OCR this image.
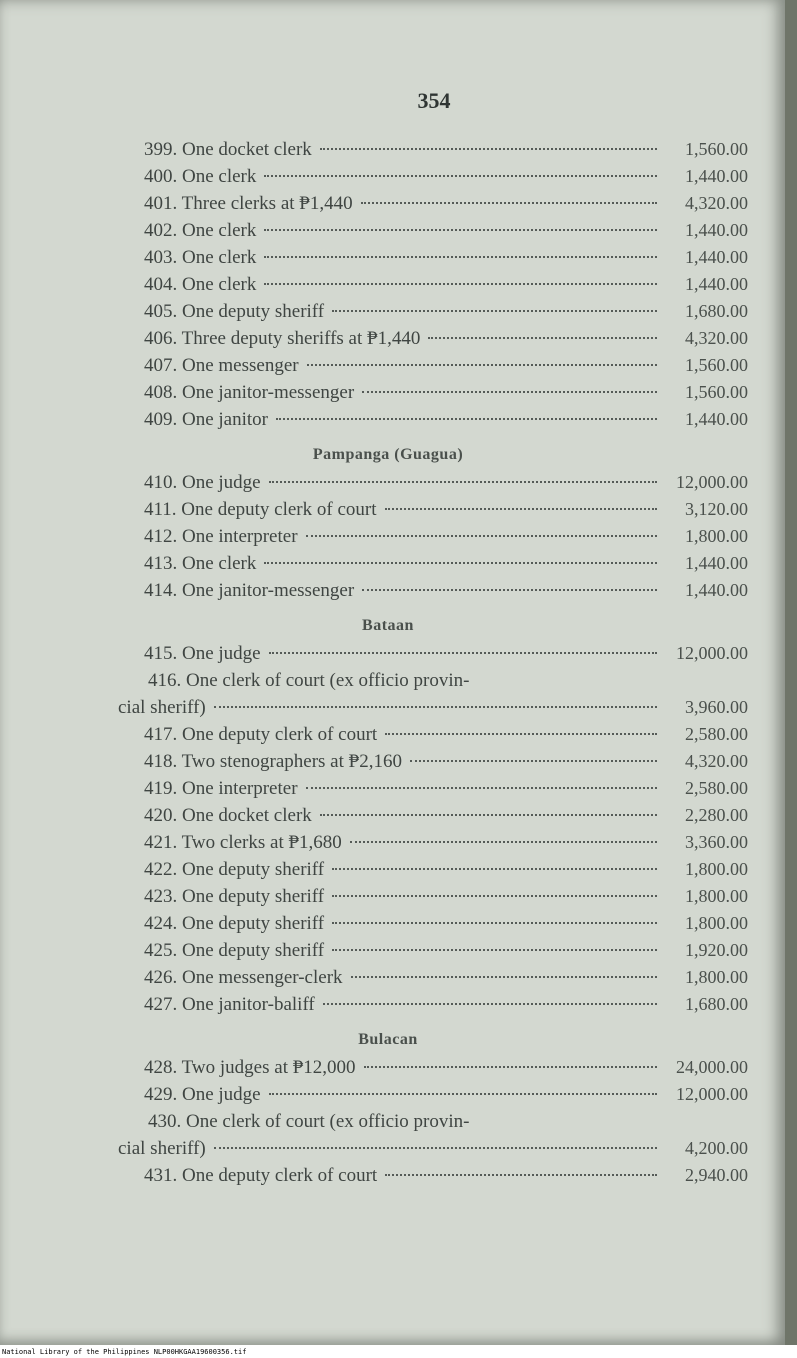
354
399. One docket clerk	1,560.00
400. One clerk	1,440.00
401. Three clerks at ₱1,440	4,320.00
402. One clerk	1,440.00
403. One clerk	1,440.00
404. One clerk	1,440.00
405. One deputy sheriff	1,680.00
406. Three deputy sheriffs at ₱1,440	4,320.00
407. One messenger	1,560.00
408. One janitor-messenger	1,560.00
409. One janitor	1,440.00
Pampanga (Guagua)
410. One judge	12,000.00
411. One deputy clerk of court	3,120.00
412. One interpreter	1,800.00
413. One clerk	1,440.00
414. One janitor-messenger	1,440.00
Bataan
415. One judge	12,000.00
416. One clerk of court (ex officio provin-
cial sheriff)	3,960.00
417. One deputy clerk of court	2,580.00
418. Two stenographers at ₱2,160	4,320.00
419. One interpreter	2,580.00
420. One docket clerk	2,280.00
421. Two clerks at ₱1,680	3,360.00
422. One deputy sheriff	1,800.00
423. One deputy sheriff	1,800.00
424. One deputy sheriff	1,800.00
425. One deputy sheriff	1,920.00
426. One messenger-clerk	1,800.00
427. One janitor-baliff	1,680.00
Bulacan
428. Two judges at ₱12,000	24,000.00
429. One judge	12,000.00
430. One clerk of court (ex officio provin-
cial sheriff)	4,200.00
431. One deputy clerk of court	2,940.00
National Library of the Philippines NLP00HKGAA19600356.tif
